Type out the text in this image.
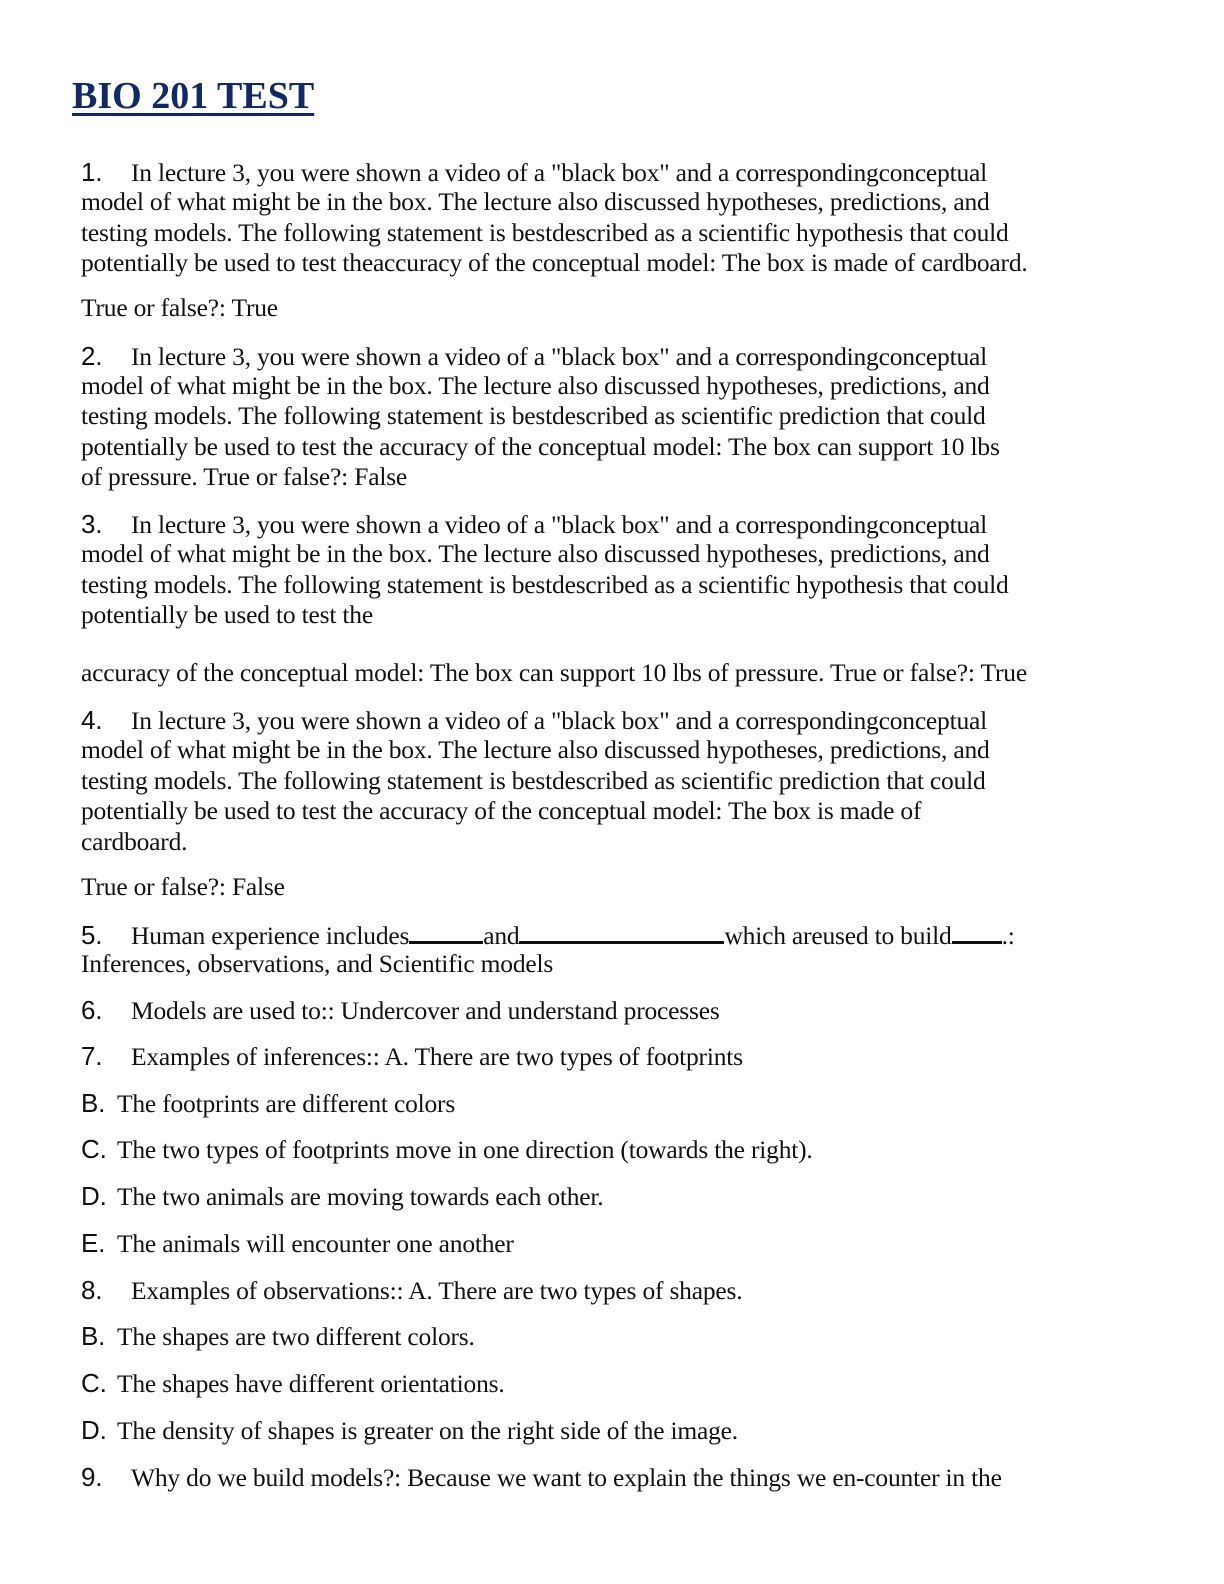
BIO 201 TEST
1. In lecture 3, you were shown a video of a "black box" and a correspondingconceptual
model of what might be in the box. The lecture also discussed hypotheses, predictions, and
testing models. The following statement is bestdescribed as a scientific hypothesis that could
potentially be used to test theaccuracy of the conceptual model: The box is made of cardboard.
True or false?: True
2. In lecture 3, you were shown a video of a "black box" and a correspondingconceptual
model of what might be in the box. The lecture also discussed hypotheses, predictions, and
testing models. The following statement is bestdescribed as scientific prediction that could
potentially be used to test the accuracy of the conceptual model: The box can support 10 lbs
of pressure. True or false?: False
3. In lecture 3, you were shown a video of a "black box" and a correspondingconceptual
model of what might be in the box. The lecture also discussed hypotheses, predictions, and
testing models. The following statement is bestdescribed as a scientific hypothesis that could
potentially be used to test the
accuracy of the conceptual model: The box can support 10 lbs of pressure. True or false?: True
4. In lecture 3, you were shown a video of a "black box" and a correspondingconceptual
model of what might be in the box. The lecture also discussed hypotheses, predictions, and
testing models. The following statement is bestdescribed as scientific prediction that could
potentially be used to test the accuracy of the conceptual model: The box is made of
cardboard.
True or false?: False
5. Human experience includes	and	which areused to build .:
Inferences, observations, and Scientific models
6. Models are used to:: Undercover and understand processes
7. Examples of inferences:: A. There are two types of footprints
B. The footprints are different colors
C. The two types of footprints move in one direction (towards the right).
D. The two animals are moving towards each other.
E. The animals will encounter one another
8. Examples of observations:: A. There are two types of shapes.
B. The shapes are two different colors.
C. The shapes have different orientations.
D. The density of shapes is greater on the right side of the image.
9. Why do we build models?: Because we want to explain the things we en-counter in the
